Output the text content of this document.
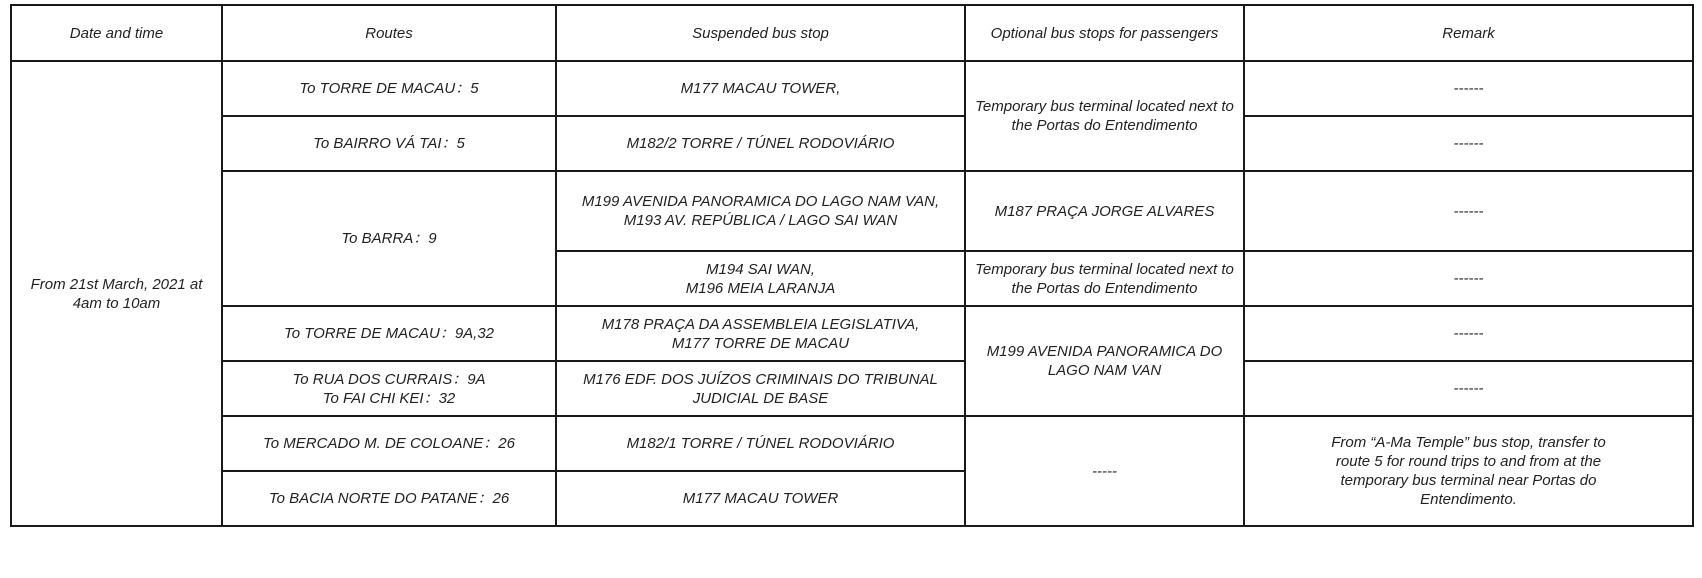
Date and time	Routes	Suspended bus stop	Optional bus stops for passengers	Remark

From 21st March, 2021 at
4am to 10am	To TORRE DE MACAU：5	M177 MACAU TOWER,	Temporary bus terminal located next to
the Portas do Entendimento	------
	To BAIRRO VÁ TAI：5	M182/2 TORRE / TÚNEL RODOVIÁRIO		------
	To BARRA：9	M199 AVENIDA PANORAMICA DO LAGO NAM VAN,
M193 AV. REPÚBLICA / LAGO SAI WAN	M187 PRAÇA JORGE ALVARES	------

		M194 SAI WAN,
M196 MEIA LARANJA	Temporary bus terminal located next to
the Portas do Entendimento	------
	To TORRE DE MACAU：9A,32	M178 PRAÇA DA ASSEMBLEIA LEGISLATIVA,
M177 TORRE DE MACAU	M199 AVENIDA PANORAMICA DO
LAGO NAM VAN	------

	To RUA DOS CURRAIS：9A
To FAI CHI KEI：32	M176 EDF. DOS JUÍZOS CRIMINAIS DO TRIBUNAL
JUDICIAL DE BASE		------
	To MERCADO M. DE COLOANE：26	M182/1 TORRE / TÚNEL RODOVIÁRIO	-----	From “A-Ma Temple” bus stop, transfer to
route 5 for round trips to and from at the
temporary bus terminal near Portas do
Entendimento.

	To BACIA NORTE DO PATANE：26	M177 MACAU TOWER		
